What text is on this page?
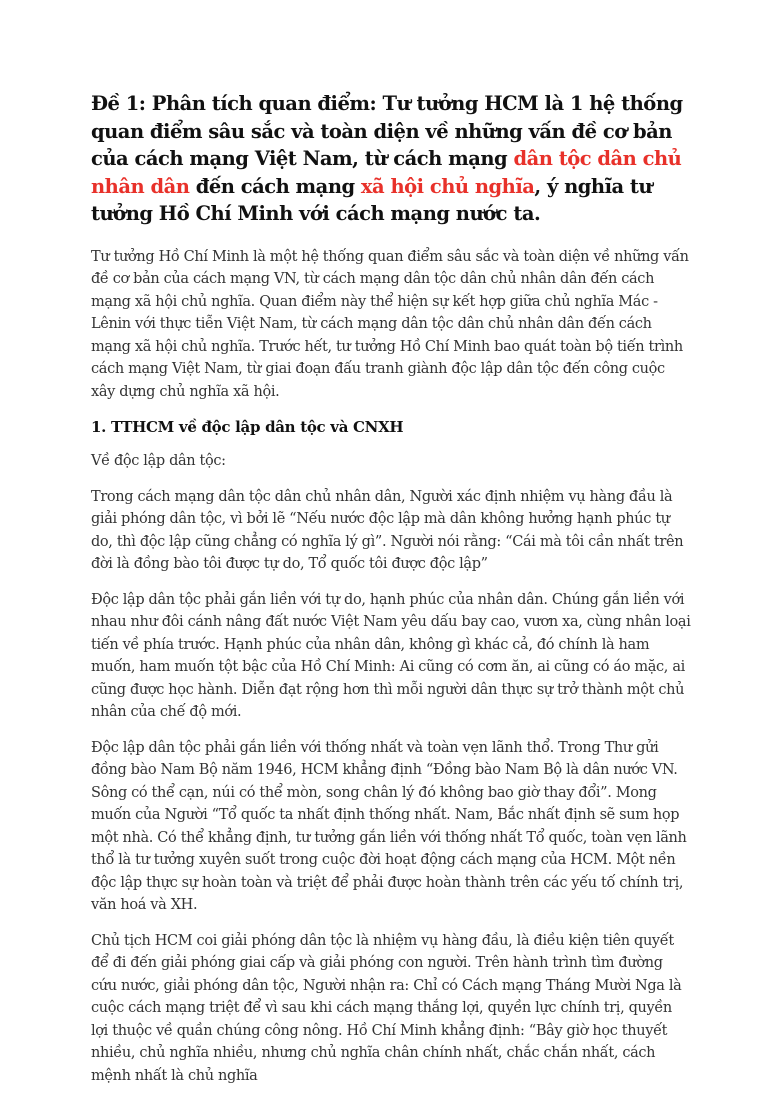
Đề 1: Phân tích quan điểm: Tư tưởng HCM là 1 hệ thống quan điểm sâu sắc và toàn diện về những vấn đề cơ bản của cách mạng Việt Nam, từ cách mạng dân tộc dân chủ nhân dân đến cách mạng xã hội chủ nghĩa, ý nghĩa tư tưởng Hồ Chí Minh với cách mạng nước ta.

Tư tưởng Hồ Chí Minh là một hệ thống quan điểm sâu sắc và toàn diện về những vấn đề cơ bản của cách mạng VN, từ cách mạng dân tộc dân chủ nhân dân đến cách mạng xã hội chủ nghĩa. Quan điểm này thể hiện sự kết hợp giữa chủ nghĩa Mác - Lênin với thực tiễn Việt Nam, từ cách mạng dân tộc dân chủ nhân dân đến cách mạng xã hội chủ nghĩa. Trước hết, tư tưởng Hồ Chí Minh bao quát toàn bộ tiến trình cách mạng Việt Nam, từ giai đoạn đấu tranh giành độc lập dân tộc đến công cuộc xây dựng chủ nghĩa xã hội.

1. TTHCM về độc lập dân tộc và CNXH

Về độc lập dân tộc:

Trong cách mạng dân tộc dân chủ nhân dân, Người xác định nhiệm vụ hàng đầu là giải phóng dân tộc, vì bởi lẽ “Nếu nước độc lập mà dân không hưởng hạnh phúc tự do, thì độc lập cũng chẳng có nghĩa lý gì”. Người nói rằng: “Cái mà tôi cần nhất trên đời là đồng bào tôi được tự do, Tổ quốc tôi được độc lập”

Độc lập dân tộc phải gắn liền với tự do, hạnh phúc của nhân dân. Chúng gắn liền với nhau như đôi cánh nâng đất nước Việt Nam yêu dấu bay cao, vươn xa, cùng nhân loại tiến về phía trước. Hạnh phúc của nhân dân, không gì khác cả, đó chính là ham muốn, ham muốn tột bậc của Hồ Chí Minh: Ai cũng có cơm ăn, ai cũng có áo mặc, ai cũng được học hành. Diễn đạt rộng hơn thì mỗi người dân thực sự trở thành một chủ nhân của chế độ mới.

Độc lập dân tộc phải gắn liền với thống nhất và toàn vẹn lãnh thổ. Trong Thư gửi đồng bào Nam Bộ năm 1946, HCM khẳng định “Đồng bào Nam Bộ là dân nước VN. Sông có thể cạn, núi có thể mòn, song chân lý đó không bao giờ thay đổi”. Mong muốn của Người “Tổ quốc ta nhất định thống nhất. Nam, Bắc nhất định sẽ sum họp một nhà. Có thể khẳng định, tư tưởng gắn liền với thống nhất Tổ quốc, toàn vẹn lãnh thổ là tư tưởng xuyên suốt trong cuộc đời hoạt động cách mạng của HCM. Một nền độc lập thực sự hoàn toàn và triệt để phải được hoàn thành trên các yếu tố chính trị, văn hoá và XH.

Chủ tịch HCM coi giải phóng dân tộc là nhiệm vụ hàng đầu, là điều kiện tiên quyết để đi đến giải phóng giai cấp và giải phóng con người. Trên hành trình tìm đường cứu nước, giải phóng dân tộc, Người nhận ra: Chỉ có Cách mạng Tháng Mười Nga là cuộc cách mạng triệt để vì sau khi cách mạng thắng lợi, quyền lực chính trị, quyền lợi thuộc về quần chúng công nông. Hồ Chí Minh khẳng định: “Bây giờ học thuyết nhiều, chủ nghĩa nhiều, nhưng chủ nghĩa chân chính nhất, chắc chắn nhất, cách mệnh nhất là chủ nghĩa
